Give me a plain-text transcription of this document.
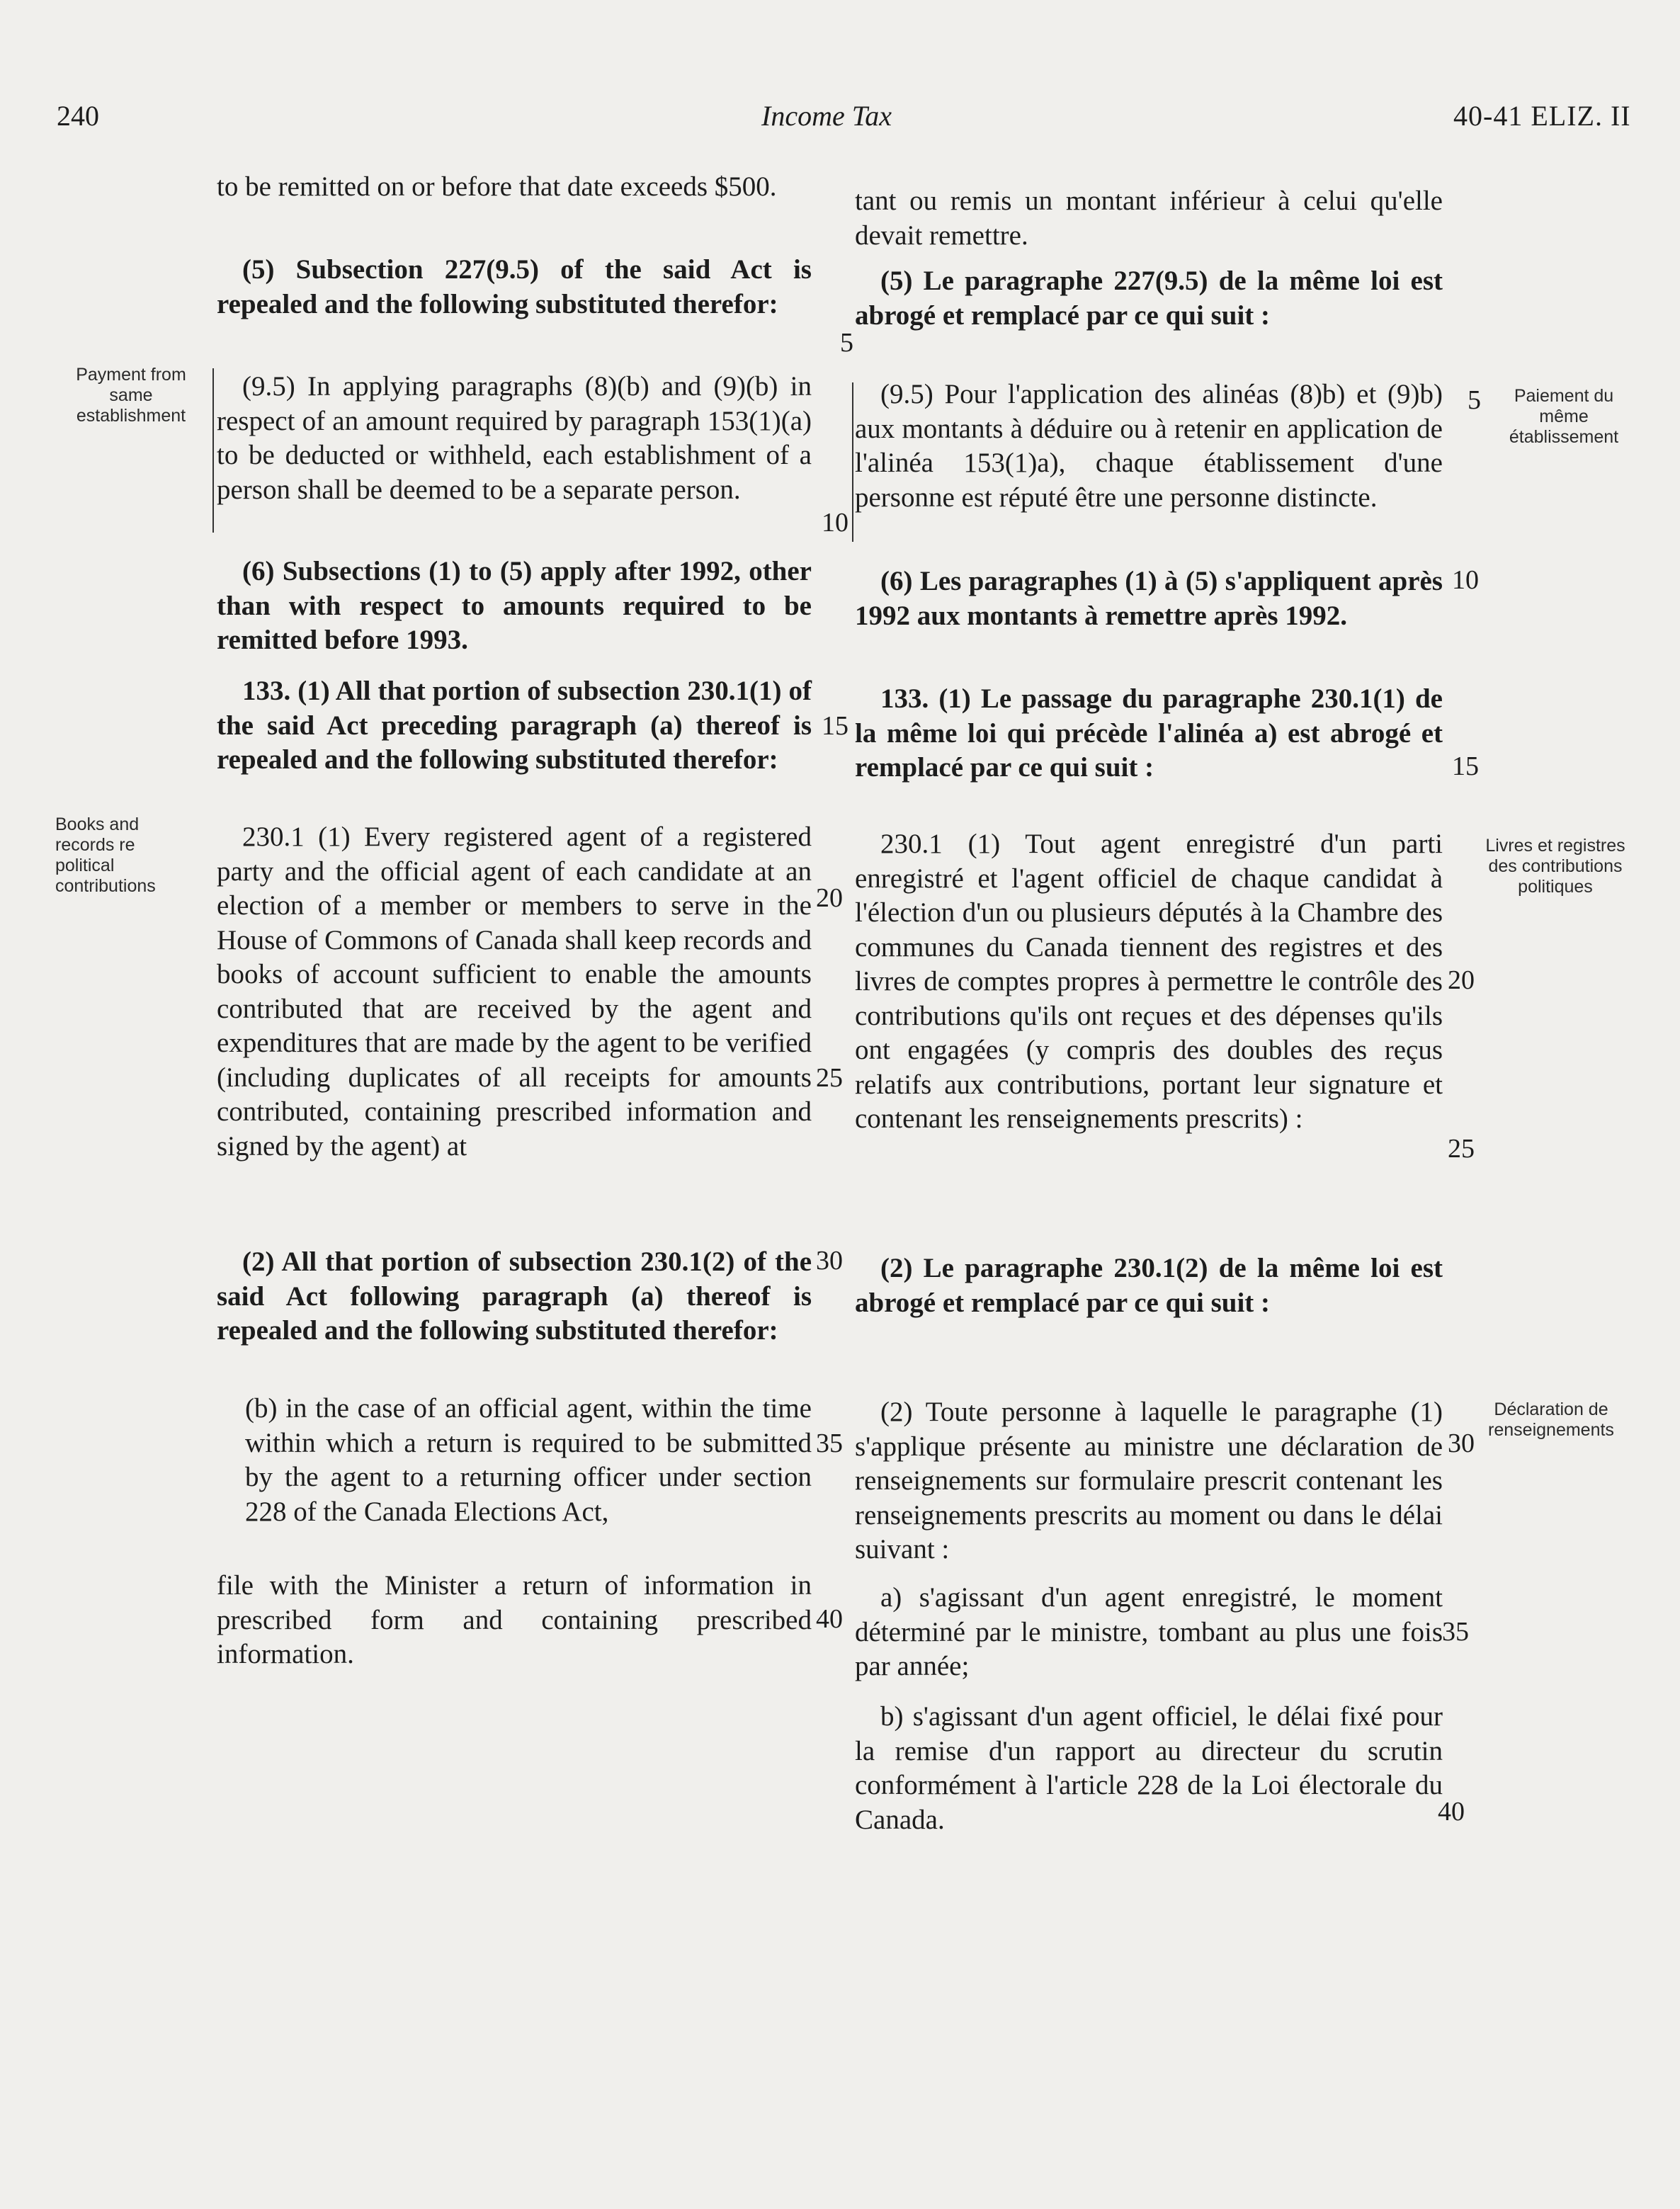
240	Income Tax	40-41 ELIZ. II
Payment from same establishment
Books and records re political contributions
Paiement du même établissement
Livres et registres des contributions politiques
Déclaration de renseignements

to be remitted on or before that date exceeds $500.

(5) Subsection 227(9.5) of the said Act is repealed and the following substituted therefor:

(9.5) In applying paragraphs (8)(b) and (9)(b) in respect of an amount required by paragraph 153(1)(a) to be deducted or withheld, each establishment of a person shall be deemed to be a separate person.

(6) Subsections (1) to (5) apply after 1992, other than with respect to amounts required to be remitted before 1993.

133. (1) All that portion of subsection 230.1(1) of the said Act preceding paragraph (a) thereof is repealed and the following substituted therefor:

230.1 (1) Every registered agent of a registered party and the official agent of each candidate at an election of a member or members to serve in the House of Commons of Canada shall keep records and books of account sufficient to enable the amounts contributed that are received by the agent and expenditures that are made by the agent to be verified (including duplicates of all receipts for amounts contributed, containing prescribed information and signed by the agent) at

(2) All that portion of subsection 230.1(2) of the said Act following paragraph (a) thereof is repealed and the following substituted therefor:

(b) in the case of an official agent, within the time within which a return is required to be submitted by the agent to a returning officer under section 228 of the Canada Elections Act,

file with the Minister a return of information in prescribed form and containing prescribed information.

tant ou remis un montant inférieur à celui qu'elle devait remettre.

(5) Le paragraphe 227(9.5) de la même loi est abrogé et remplacé par ce qui suit :

(9.5) Pour l'application des alinéas (8)b) et (9)b) aux montants à déduire ou à retenir en application de l'alinéa 153(1)a), chaque établissement d'une personne est réputé être une personne distincte.

(6) Les paragraphes (1) à (5) s'appliquent après 1992 aux montants à remettre après 1992.

133. (1) Le passage du paragraphe 230.1(1) de la même loi qui précède l'alinéa a) est abrogé et remplacé par ce qui suit :

230.1 (1) Tout agent enregistré d'un parti enregistré et l'agent officiel de chaque candidat à l'élection d'un ou plusieurs députés à la Chambre des communes du Canada tiennent des registres et des livres de comptes propres à permettre le contrôle des contributions qu'ils ont reçues et des dépenses qu'ils ont engagées (y compris des doubles des reçus relatifs aux contributions, portant leur signature et contenant les renseignements prescrits) :

(2) Le paragraphe 230.1(2) de la même loi est abrogé et remplacé par ce qui suit :

(2) Toute personne à laquelle le paragraphe (1) s'applique présente au ministre une déclaration de renseignements sur formulaire prescrit contenant les renseignements prescrits au moment ou dans le délai suivant :

a) s'agissant d'un agent enregistré, le moment déterminé par le ministre, tombant au plus une fois par année;

b) s'agissant d'un agent officiel, le délai fixé pour la remise d'un rapport au directeur du scrutin conformément à l'article 228 de la Loi électorale du Canada.

5
10
15
20
25
30
35
40
5
10
15
20
25
30
35
40
